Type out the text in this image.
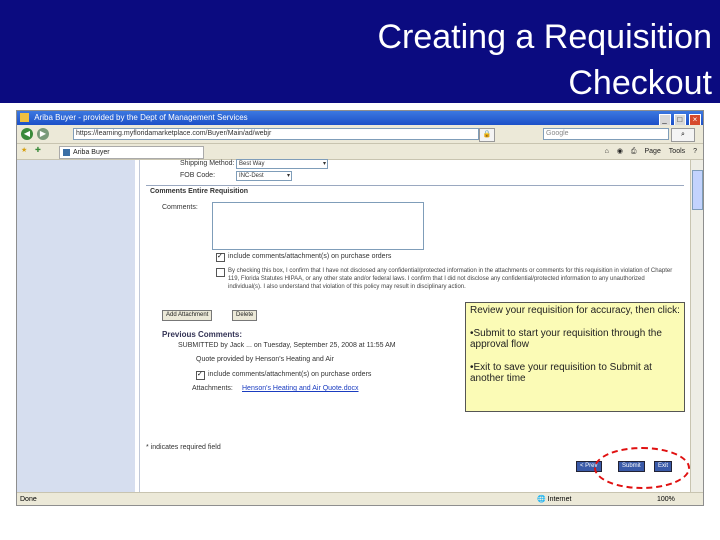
Creating a Requisition
Checkout
Ariba Buyer - provided by the Dept of Management Services	_ □ ×
◀	▶	https://learning.myfloridamarketplace.com/Buyer/Main/ad/webjr	🔒	Google	⌕
★ ✚	Ariba Buyer	⌂ ◉ ⎙ Page Tools ?
Shipping Method: Best Way ▾
FOB Code:	INC-Dest ▾
Comments Entire Requisition
Comments:
✓
include comments/attachment(s) on purchase orders
By checking this box, I confirm that I have not disclosed any confidential/protected information in the attachments or comments for this requisition in violation of Chapter 119, Florida Statutes HIPAA, or any other state and/or federal laws. I confirm that I did not disclose any confidential/protected information to any unauthorized individual(s). I also understand that violation of this policy may result in disciplinary action.
Add Attachment	Delete
Previous Comments:
SUBMITTED by Jack ... on Tuesday, September 25, 2008 at 11:55 AM
Quote provided by Henson's Heating and Air
✓
include comments/attachment(s) on purchase orders
Attachments: Henson's Heating and Air Quote.docx
* indicates required field
< Prev	Submit	Exit
Done	🌐 Internet	100%

Review your requisition for accuracy, then click:

•Submit to start your requisition through the approval flow

•Exit to save your requisition to Submit at another time
